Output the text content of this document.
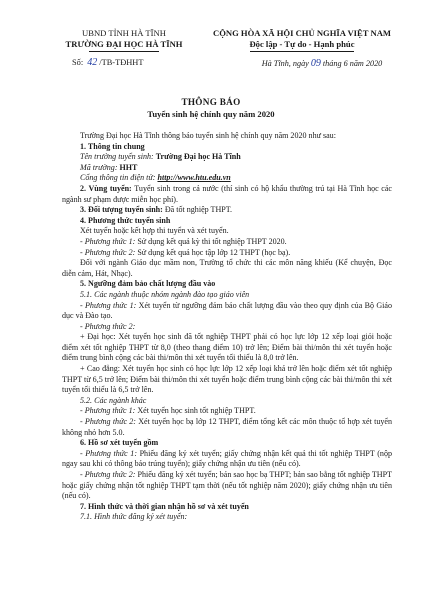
UBND TỈNH HÀ TĨNH
TRƯỜNG ĐẠI HỌC HÀ TĨNH
Số: 42 /TB-TĐHHT
CỘNG HÒA XÃ HỘI CHỦ NGHĨA VIỆT NAM
Độc lập - Tự do - Hạnh phúc
Hà Tĩnh, ngày 09 tháng 6 năm 2020
THÔNG BÁO
Tuyển sinh hệ chính quy năm 2020

Trường Đại học Hà Tĩnh thông báo tuyển sinh hệ chính quy năm 2020 như sau:

1. Thông tin chung

Tên trường tuyển sinh: Trường Đại học Hà Tĩnh

Mã trường: HHT

Cổng thông tin điện tử: http://www.htu.edu.vn

2. Vùng tuyển: Tuyển sinh trong cả nước (thí sinh có hộ khẩu thường trú tại Hà Tĩnh học các ngành sư phạm được miễn học phí).

3. Đối tượng tuyển sinh: Đã tốt nghiệp THPT.

4. Phương thức tuyển sinh

Xét tuyển hoặc kết hợp thi tuyển và xét tuyển.

- Phương thức 1: Sử dụng kết quả kỳ thi tốt nghiệp THPT 2020.

- Phương thức 2: Sử dụng kết quả học tập lớp 12 THPT (học bạ).

Đối với ngành Giáo dục mầm non, Trường tổ chức thi các môn năng khiếu (Kể chuyện, Đọc diễn cảm, Hát, Nhạc).

5. Ngưỡng đảm bảo chất lượng đầu vào

5.1. Các ngành thuộc nhóm ngành đào tạo giáo viên

- Phương thức 1: Xét tuyển từ ngưỡng đảm bảo chất lượng đầu vào theo quy định của Bộ Giáo dục và Đào tạo.

- Phương thức 2:

+ Đại học: Xét tuyển học sinh đã tốt nghiệp THPT phải có học lực lớp 12 xếp loại giỏi hoặc điểm xét tốt nghiệp THPT từ 8,0 (theo thang điểm 10) trở lên; Điểm bài thi/môn thi xét tuyển hoặc điểm trung bình cộng các bài thi/môn thi xét tuyển tối thiểu là 8,0 trở lên.

+ Cao đẳng: Xét tuyển học sinh có học lực lớp 12 xếp loại khá trở lên hoặc điểm xét tốt nghiệp THPT từ 6,5 trở lên; Điểm bài thi/môn thi xét tuyển hoặc điểm trung bình cộng các bài thi/môn thi xét tuyển tối thiểu là 6,5 trở lên.

5.2. Các ngành khác

- Phương thức 1: Xét tuyển học sinh tốt nghiệp THPT.

- Phương thức 2: Xét tuyển học bạ lớp 12 THPT, điểm tổng kết các môn thuộc tổ hợp xét tuyển không nhỏ hơn 5.0.

6. Hồ sơ xét tuyển gồm

- Phương thức 1: Phiếu đăng ký xét tuyển; giấy chứng nhận kết quả thi tốt nghiệp THPT (nộp ngay sau khi có thông báo trúng tuyển); giấy chứng nhận ưu tiên (nếu có).

- Phương thức 2: Phiếu đăng ký xét tuyển; bản sao học bạ THPT; bản sao bằng tốt nghiệp THPT hoặc giấy chứng nhận tốt nghiệp THPT tạm thời (nếu tốt nghiệp năm 2020); giấy chứng nhận ưu tiên (nếu có).

7. Hình thức và thời gian nhận hồ sơ và xét tuyển

7.1. Hình thức đăng ký xét tuyển:
